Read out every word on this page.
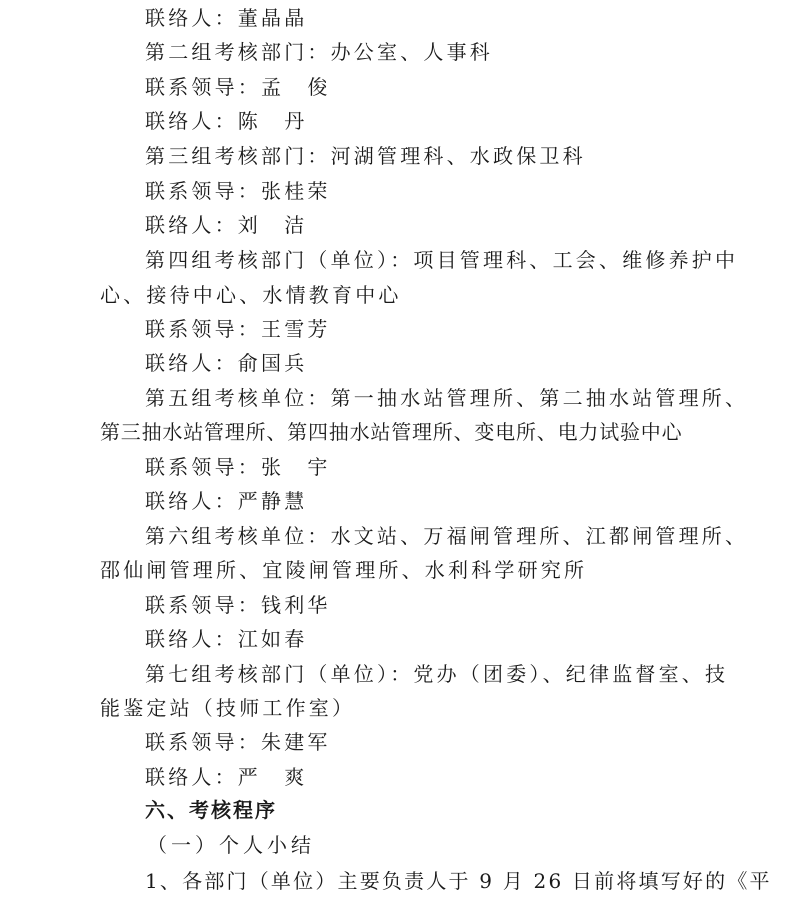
联络人：董晶晶
第二组考核部门：办公室、人事科
联系领导：孟　俊
联络人：陈　丹
第三组考核部门：河湖管理科、水政保卫科
联系领导：张桂荣
联络人：刘　洁
第四组考核部门（单位）：项目管理科、工会、维修养护中
心、接待中心、水情教育中心
联系领导：王雪芳
联络人：俞国兵
第五组考核单位：第一抽水站管理所、第二抽水站管理所、
第三抽水站管理所、第四抽水站管理所、变电所、电力试验中心
联系领导：张　宇
联络人：严静慧
第六组考核单位：水文站、万福闸管理所、江都闸管理所、
邵仙闸管理所、宜陵闸管理所、水利科学研究所
联系领导：钱利华
联络人：江如春
第七组考核部门（单位）：党办（团委）、纪律监督室、技
能鉴定站（技师工作室）
联系领导：朱建军
联络人：严　爽
六、考核程序
（一）个人小结
1、各部门（单位）主要负责人于 9 月 26 日前将填写好的《平
